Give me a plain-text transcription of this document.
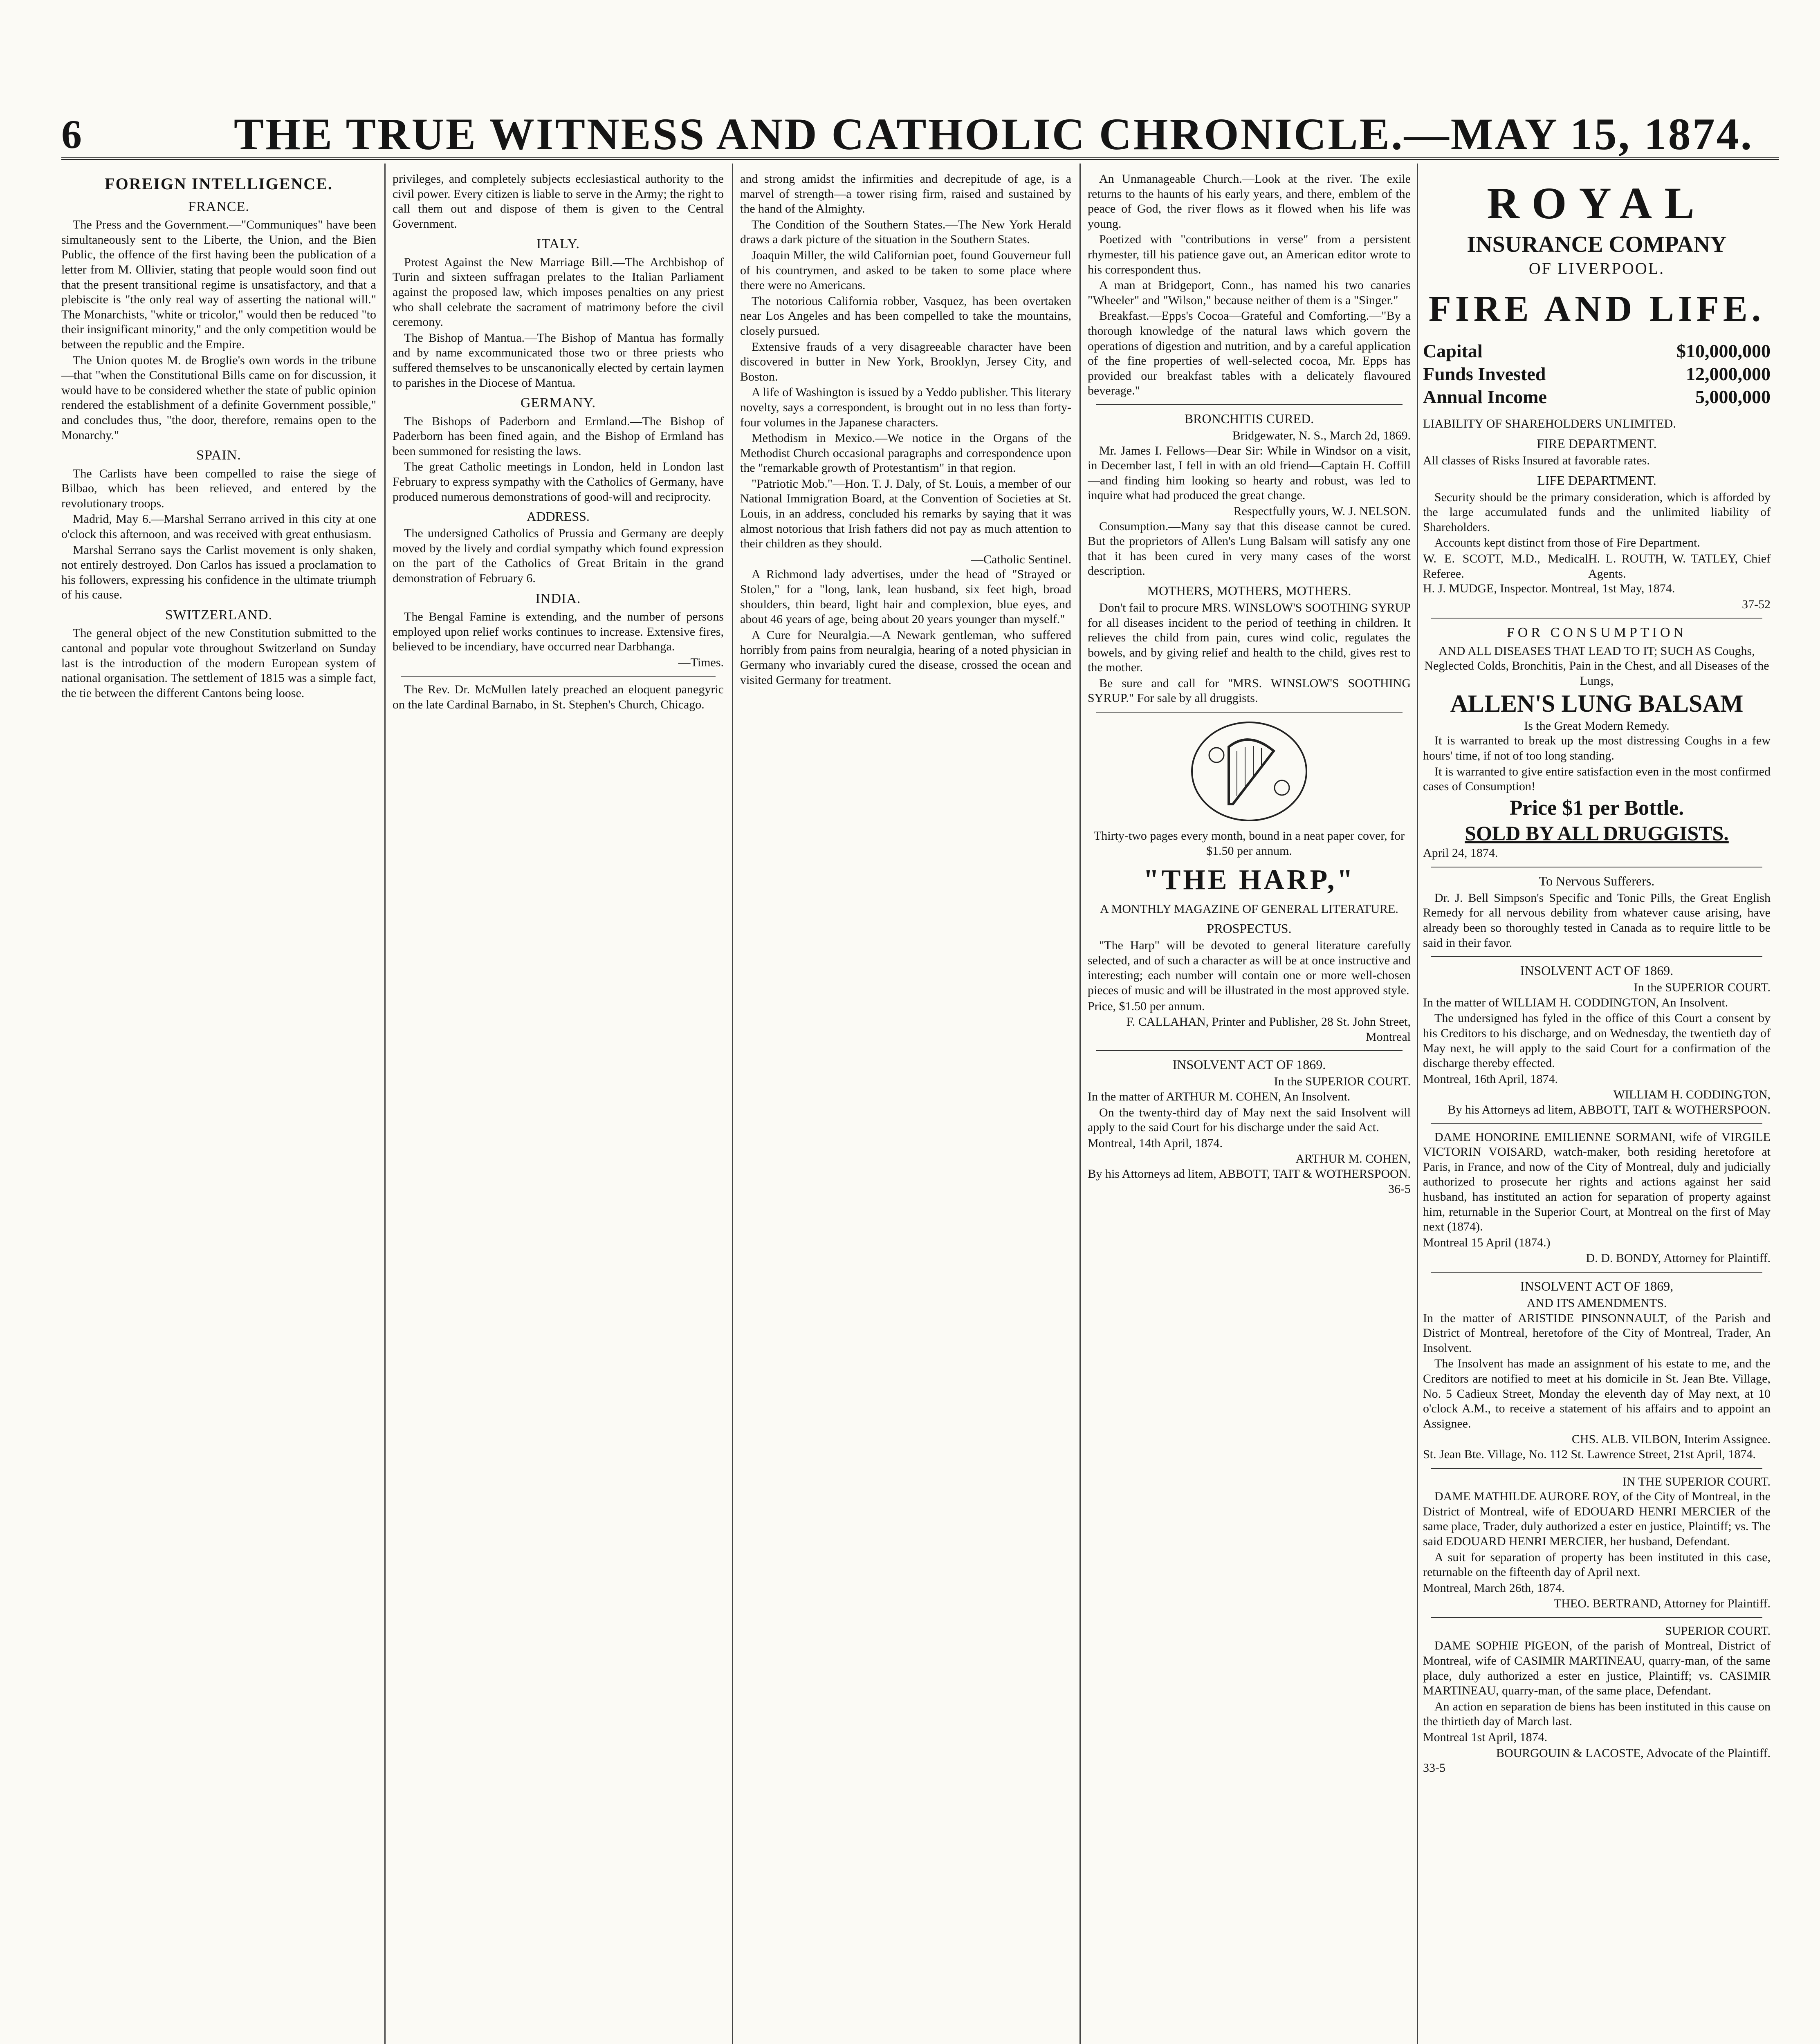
6	THE TRUE WITNESS AND CATHOLIC CHRONICLE.—MAY 15, 1874.
FOREIGN INTELLIGENCE.
FRANCE.

The Press and the Government.—"Communiques" have been simultaneously sent to the Liberte, the Union, and the Bien Public, the offence of the first having been the publication of a letter from M. Ollivier, stating that people would soon find out that the present transitional regime is unsatisfactory, and that a plebiscite is "the only real way of asserting the national will." The Monarchists, "white or tricolor," would then be reduced "to their insignificant minority," and the only competition would be between the republic and the Empire.

The Union quotes M. de Broglie's own words in the tribune—that "when the Constitutional Bills came on for discussion, it would have to be considered whether the state of public opinion rendered the establishment of a definite Government possible," and concludes thus, "the door, therefore, remains open to the Monarchy."

SPAIN.

The Carlists have been compelled to raise the siege of Bilbao, which has been relieved, and entered by the revolutionary troops.

Madrid, May 6.—Marshal Serrano arrived in this city at one o'clock this afternoon, and was received with great enthusiasm.

Marshal Serrano says the Carlist movement is only shaken, not entirely destroyed. Don Carlos has issued a proclamation to his followers, expressing his confidence in the ultimate triumph of his cause.

SWITZERLAND.

The general object of the new Constitution submitted to the cantonal and popular vote throughout Switzerland on Sunday last is the introduction of the modern European system of national organisation. The settlement of 1815 was a simple fact, the tie between the different Cantons being loose.

privileges, and completely subjects ecclesiastical authority to the civil power. Every citizen is liable to serve in the Army; the right to call them out and dispose of them is given to the Central Government.

ITALY.

Protest Against the New Marriage Bill.—The Archbishop of Turin and sixteen suffragan prelates to the Italian Parliament against the proposed law, which imposes penalties on any priest who shall celebrate the sacrament of matrimony before the civil ceremony.

The Bishop of Mantua.—The Bishop of Mantua has formally and by name excommunicated those two or three priests who suffered themselves to be unscanonically elected by certain laymen to parishes in the Diocese of Mantua.

GERMANY.

The Bishops of Paderborn and Ermland.—The Bishop of Paderborn has been fined again, and the Bishop of Ermland has been summoned for resisting the laws.

The great Catholic meetings in London, held in London last February to express sympathy with the Catholics of Germany, have produced numerous demonstrations of good-will and reciprocity.

ADDRESS.

The undersigned Catholics of Prussia and Germany are deeply moved by the lively and cordial sympathy which found expression on the part of the Catholics of Great Britain in the grand demonstration of February 6.

INDIA.

The Bengal Famine is extending, and the number of persons employed upon relief works continues to increase. Extensive fires, believed to be incendiary, have occurred near Darbhanga.

—Times.

The Rev. Dr. McMullen lately preached an eloquent panegyric on the late Cardinal Barnabo, in St. Stephen's Church, Chicago.

and strong amidst the infirmities and decrepitude of age, is a marvel of strength—a tower rising firm, raised and sustained by the hand of the Almighty.

The Condition of the Southern States.—The New York Herald draws a dark picture of the situation in the Southern States.

Joaquin Miller, the wild Californian poet, found Gouverneur full of his countrymen, and asked to be taken to some place where there were no Americans.

The notorious California robber, Vasquez, has been overtaken near Los Angeles and has been compelled to take the mountains, closely pursued.

Extensive frauds of a very disagreeable character have been discovered in butter in New York, Brooklyn, Jersey City, and Boston.

A life of Washington is issued by a Yeddo publisher. This literary novelty, says a correspondent, is brought out in no less than forty-four volumes in the Japanese characters.

Methodism in Mexico.—We notice in the Organs of the Methodist Church occasional paragraphs and correspondence upon the "remarkable growth of Protestantism" in that region.

"Patriotic Mob."—Hon. T. J. Daly, of St. Louis, a member of our National Immigration Board, at the Convention of Societies at St. Louis, in an address, concluded his remarks by saying that it was almost notorious that Irish fathers did not pay as much attention to their children as they should.

—Catholic Sentinel.

A Richmond lady advertises, under the head of "Strayed or Stolen," for a "long, lank, lean husband, six feet high, broad shoulders, thin beard, light hair and complexion, blue eyes, and about 46 years of age, being about 20 years younger than myself."

A Cure for Neuralgia.—A Newark gentleman, who suffered horribly from pains from neuralgia, hearing of a noted physician in Germany who invariably cured the disease, crossed the ocean and visited Germany for treatment.

An Unmanageable Church.—Look at the river. The exile returns to the haunts of his early years, and there, emblem of the peace of God, the river flows as it flowed when his life was young.

Poetized with "contributions in verse" from a persistent rhymester, till his patience gave out, an American editor wrote to his correspondent thus.

A man at Bridgeport, Conn., has named his two canaries "Wheeler" and "Wilson," because neither of them is a "Singer."

Breakfast.—Epps's Cocoa—Grateful and Comforting.—"By a thorough knowledge of the natural laws which govern the operations of digestion and nutrition, and by a careful application of the fine properties of well-selected cocoa, Mr. Epps has provided our breakfast tables with a delicately flavoured beverage."

BRONCHITIS CURED.
Bridgewater, N. S., March 2d, 1869.

Mr. James I. Fellows—Dear Sir: While in Windsor on a visit, in December last, I fell in with an old friend—Captain H. Coffill—and finding him looking so hearty and robust, was led to inquire what had produced the great change.

Respectfully yours, W. J. NELSON.

Consumption.—Many say that this disease cannot be cured. But the proprietors of Allen's Lung Balsam will satisfy any one that it has been cured in very many cases of the worst description.

MOTHERS, MOTHERS, MOTHERS.

Don't fail to procure MRS. WINSLOW'S SOOTHING SYRUP for all diseases incident to the period of teething in children. It relieves the child from pain, cures wind colic, regulates the bowels, and by giving relief and health to the child, gives rest to the mother.

Be sure and call for "MRS. WINSLOW'S SOOTHING SYRUP." For sale by all druggists.

Thirty-two pages every month, bound in a neat paper cover, for $1.50 per annum.

"THE HARP,"
A MONTHLY MAGAZINE OF GENERAL LITERATURE.
PROSPECTUS.

"The Harp" will be devoted to general literature carefully selected, and of such a character as will be at once instructive and interesting; each number will contain one or more well-chosen pieces of music and will be illustrated in the most approved style.

Price, $1.50 per annum.

F. CALLAHAN, Printer and Publisher, 28 St. John Street, Montreal
INSOLVENT ACT OF 1869.
In the SUPERIOR COURT.

In the matter of ARTHUR M. COHEN, An Insolvent.

On the twenty-third day of May next the said Insolvent will apply to the said Court for his discharge under the said Act.

Montreal, 14th April, 1874.

ARTHUR M. COHEN,
By his Attorneys ad litem, ABBOTT, TAIT & WOTHERSPOON.
36-5
ROYAL
INSURANCE COMPANY
OF LIVERPOOL.
FIRE AND LIFE.
Capital	$10,000,000
Funds Invested	12,000,000
Annual Income	5,000,000

LIABILITY OF SHAREHOLDERS UNLIMITED.

FIRE DEPARTMENT.

All classes of Risks Insured at favorable rates.

LIFE DEPARTMENT.

Security should be the primary consideration, which is afforded by the large accumulated funds and the unlimited liability of Shareholders.

Accounts kept distinct from those of Fire Department.

W. E. SCOTT, M.D., Medical Referee.
H. L. ROUTH, W. TATLEY, Chief Agents.

H. J. MUDGE, Inspector. Montreal, 1st May, 1874.

37-52
FOR CONSUMPTION
AND ALL DISEASES THAT LEAD TO IT; SUCH AS Coughs, Neglected Colds, Bronchitis, Pain in the Chest, and all Diseases of the Lungs,
ALLEN'S LUNG BALSAM
Is the Great Modern Remedy.

It is warranted to break up the most distressing Coughs in a few hours' time, if not of too long standing.

It is warranted to give entire satisfaction even in the most confirmed cases of Consumption!

Price $1 per Bottle.
SOLD BY ALL DRUGGISTS.

April 24, 1874.

To Nervous Sufferers.

Dr. J. Bell Simpson's Specific and Tonic Pills, the Great English Remedy for all nervous debility from whatever cause arising, have already been so thoroughly tested in Canada as to require little to be said in their favor.

INSOLVENT ACT OF 1869.
In the SUPERIOR COURT.

In the matter of WILLIAM H. CODDINGTON, An Insolvent.

The undersigned has fyled in the office of this Court a consent by his Creditors to his discharge, and on Wednesday, the twentieth day of May next, he will apply to the said Court for a confirmation of the discharge thereby effected.

Montreal, 16th April, 1874.

WILLIAM H. CODDINGTON,
By his Attorneys ad litem, ABBOTT, TAIT & WOTHERSPOON.

DAME HONORINE EMILIENNE SORMANI, wife of VIRGILE VICTORIN VOISARD, watch-maker, both residing heretofore at Paris, in France, and now of the City of Montreal, duly and judicially authorized to prosecute her rights and actions against her said husband, has instituted an action for separation of property against him, returnable in the Superior Court, at Montreal on the first of May next (1874).

Montreal 15 April (1874.)

D. D. BONDY, Attorney for Plaintiff.
INSOLVENT ACT OF 1869,
AND ITS AMENDMENTS.

In the matter of ARISTIDE PINSONNAULT, of the Parish and District of Montreal, heretofore of the City of Montreal, Trader, An Insolvent.

The Insolvent has made an assignment of his estate to me, and the Creditors are notified to meet at his domicile in St. Jean Bte. Village, No. 5 Cadieux Street, Monday the eleventh day of May next, at 10 o'clock A.M., to receive a statement of his affairs and to appoint an Assignee.

CHS. ALB. VILBON, Interim Assignee.

St. Jean Bte. Village, No. 112 St. Lawrence Street, 21st April, 1874.

IN THE SUPERIOR COURT.

DAME MATHILDE AURORE ROY, of the City of Montreal, in the District of Montreal, wife of EDOUARD HENRI MERCIER of the same place, Trader, duly authorized a ester en justice, Plaintiff; vs. The said EDOUARD HENRI MERCIER, her husband, Defendant.

A suit for separation of property has been instituted in this case, returnable on the fifteenth day of April next.

Montreal, March 26th, 1874.

THEO. BERTRAND, Attorney for Plaintiff.
SUPERIOR COURT.

DAME SOPHIE PIGEON, of the parish of Montreal, District of Montreal, wife of CASIMIR MARTINEAU, quarry-man, of the same place, duly authorized a ester en justice, Plaintiff; vs. CASIMIR MARTINEAU, quarry-man, of the same place, Defendant.

An action en separation de biens has been instituted in this cause on the thirtieth day of March last.

Montreal 1st April, 1874.

BOURGOUIN & LACOSTE, Advocate of the Plaintiff.
33-5
